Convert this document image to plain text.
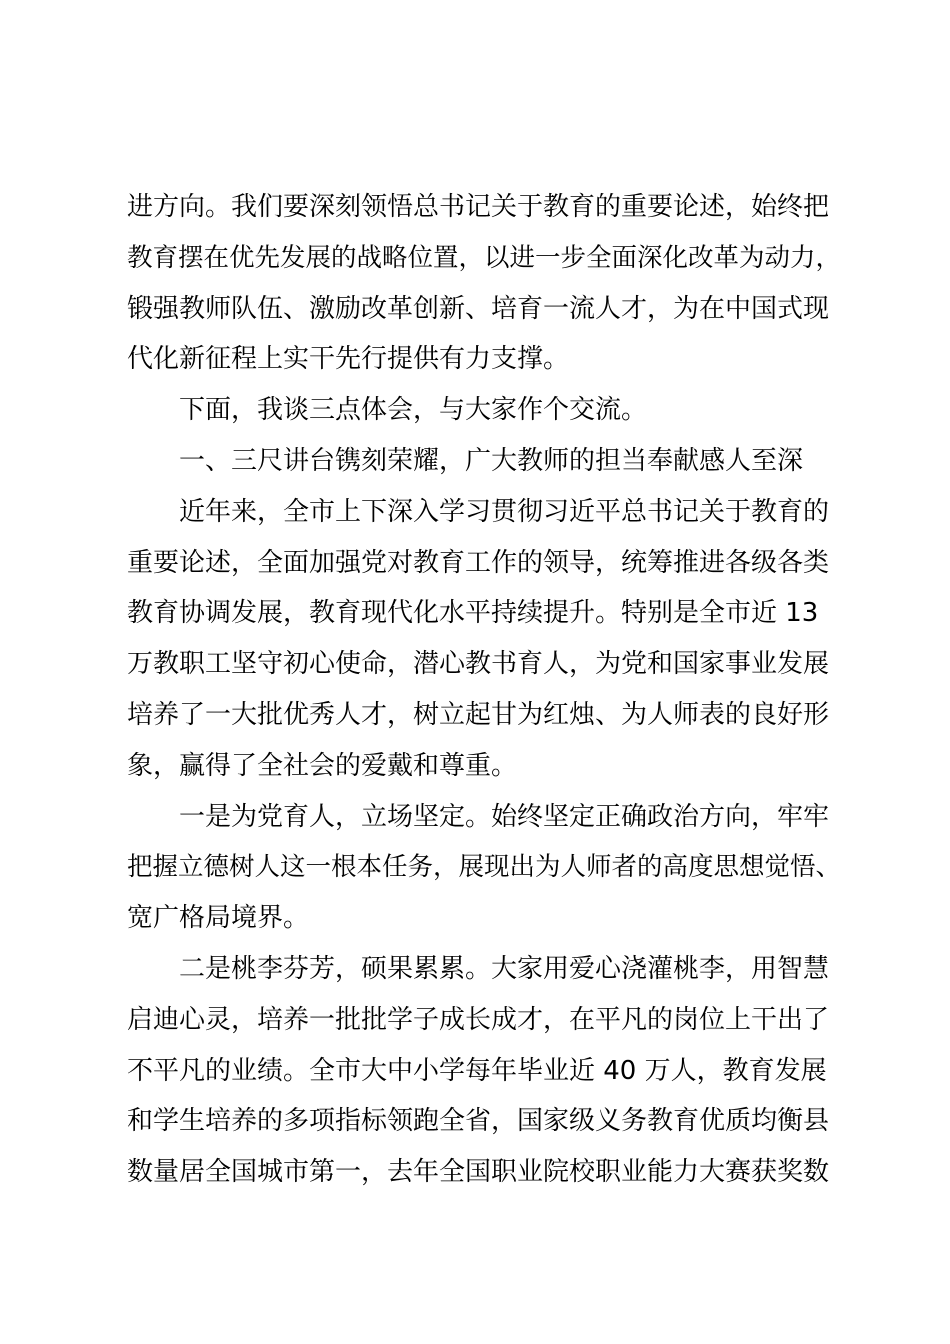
进方向。我们要深刻领悟总书记关于教育的重要论述，始终把
教育摆在优先发展的战略位置，以进一步全面深化改革为动力，
锻强教师队伍、激励改革创新、培育一流人才，为在中国式现
代化新征程上实干先行提供有力支撑。
下面，我谈三点体会，与大家作个交流。
一、三尺讲台镌刻荣耀，广大教师的担当奉献感人至深
近年来，全市上下深入学习贯彻习近平总书记关于教育的
重要论述，全面加强党对教育工作的领导，统筹推进各级各类
教育协调发展，教育现代化水平持续提升。特别是全市近 13
万教职工坚守初心使命，潜心教书育人，为党和国家事业发展
培养了一大批优秀人才，树立起甘为红烛、为人师表的良好形
象，赢得了全社会的爱戴和尊重。
一是为党育人，立场坚定。始终坚定正确政治方向，牢牢
把握立德树人这一根本任务，展现出为人师者的高度思想觉悟、
宽广格局境界。
二是桃李芬芳，硕果累累。大家用爱心浇灌桃李，用智慧
启迪心灵，培养一批批学子成长成才，在平凡的岗位上干出了
不平凡的业绩。全市大中小学每年毕业近 40 万人，教育发展
和学生培养的多项指标领跑全省，国家级义务教育优质均衡县
数量居全国城市第一，去年全国职业院校职业能力大赛获奖数
